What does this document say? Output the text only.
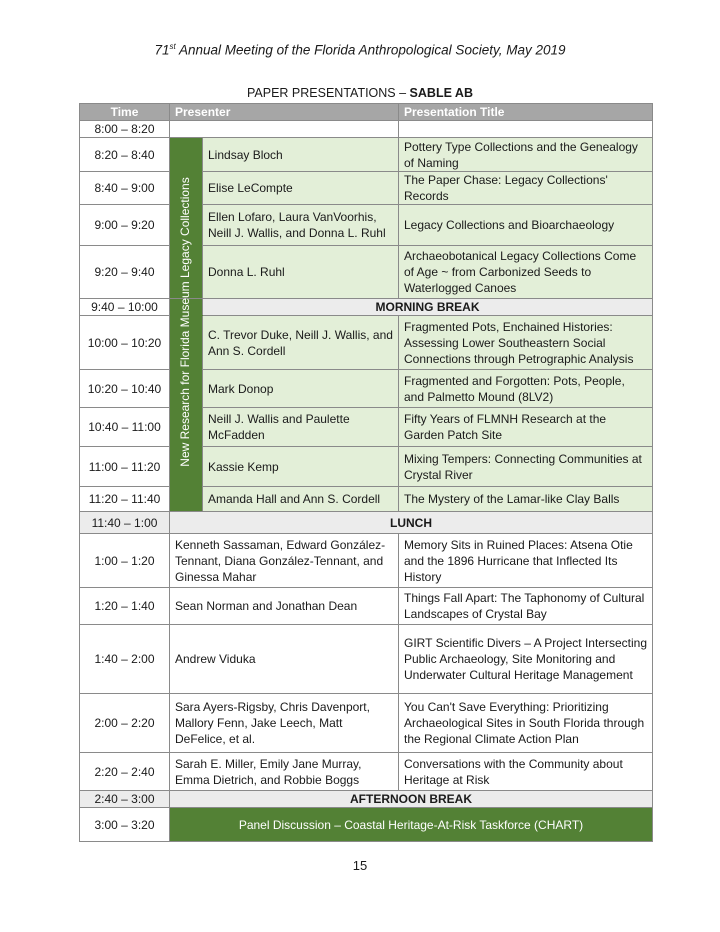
71st Annual Meeting of the Florida Anthropological Society, May 2019
PAPER PRESENTATIONS – SABLE AB
Time	Presenter		Presentation Title
8:00 – 8:20			
8:20 – 8:40		Lindsay Bloch	Pottery Type Collections and the Genealogy of Naming
8:40 – 9:00		Elise LeCompte	The Paper Chase: Legacy Collections' Records
9:00 – 9:20		Ellen Lofaro, Laura VanVoorhis, Neill J. Wallis, and Donna L. Ruhl	Legacy Collections and Bioarchaeology
9:20 – 9:40		Donna L. Ruhl	Archaeobotanical Legacy Collections Come of Age ~ from Carbonized Seeds to Waterlogged Canoes
9:40 – 10:00		MORNING BREAK	
10:00 – 10:20		C. Trevor Duke, Neill J. Wallis, and Ann S. Cordell	Fragmented Pots, Enchained Histories: Assessing Lower Southeastern Social Connections through Petrographic Analysis
10:20 – 10:40		Mark Donop	Fragmented and Forgotten: Pots, People, and Palmetto Mound (8LV2)
10:40 – 11:00		Neill J. Wallis and Paulette McFadden	Fifty Years of FLMNH Research at the Garden Patch Site
11:00 – 11:20		Kassie Kemp	Mixing Tempers: Connecting Communities at Crystal River
11:20 – 11:40		Amanda Hall and Ann S. Cordell	The Mystery of the Lamar-like Clay Balls
11:40 – 1:00	LUNCH		
1:00 – 1:20	Kenneth Sassaman, Edward González-Tennant, Diana González-Tennant, and Ginessa Mahar		Memory Sits in Ruined Places: Atsena Otie and the 1896 Hurricane that Inflected Its History
1:20 – 1:40	Sean Norman and Jonathan Dean		Things Fall Apart: The Taphonomy of Cultural Landscapes of Crystal Bay
1:40 – 2:00	Andrew Viduka		GIRT Scientific Divers – A Project Intersecting Public Archaeology, Site Monitoring and Underwater Cultural Heritage Management
2:00 – 2:20	Sara Ayers-Rigsby, Chris Davenport, Mallory Fenn, Jake Leech, Matt DeFelice, et al.		You Can't Save Everything: Prioritizing Archaeological Sites in South Florida through the Regional Climate Action Plan
2:20 – 2:40	Sarah E. Miller, Emily Jane Murray, Emma Dietrich, and Robbie Boggs		Conversations with the Community about Heritage at Risk
2:40 – 3:00	AFTERNOON BREAK		
3:00 – 3:20	Panel Discussion – Coastal Heritage-At-Risk Taskforce (CHART)		
New Research for Florida Museum Legacy Collections
15
